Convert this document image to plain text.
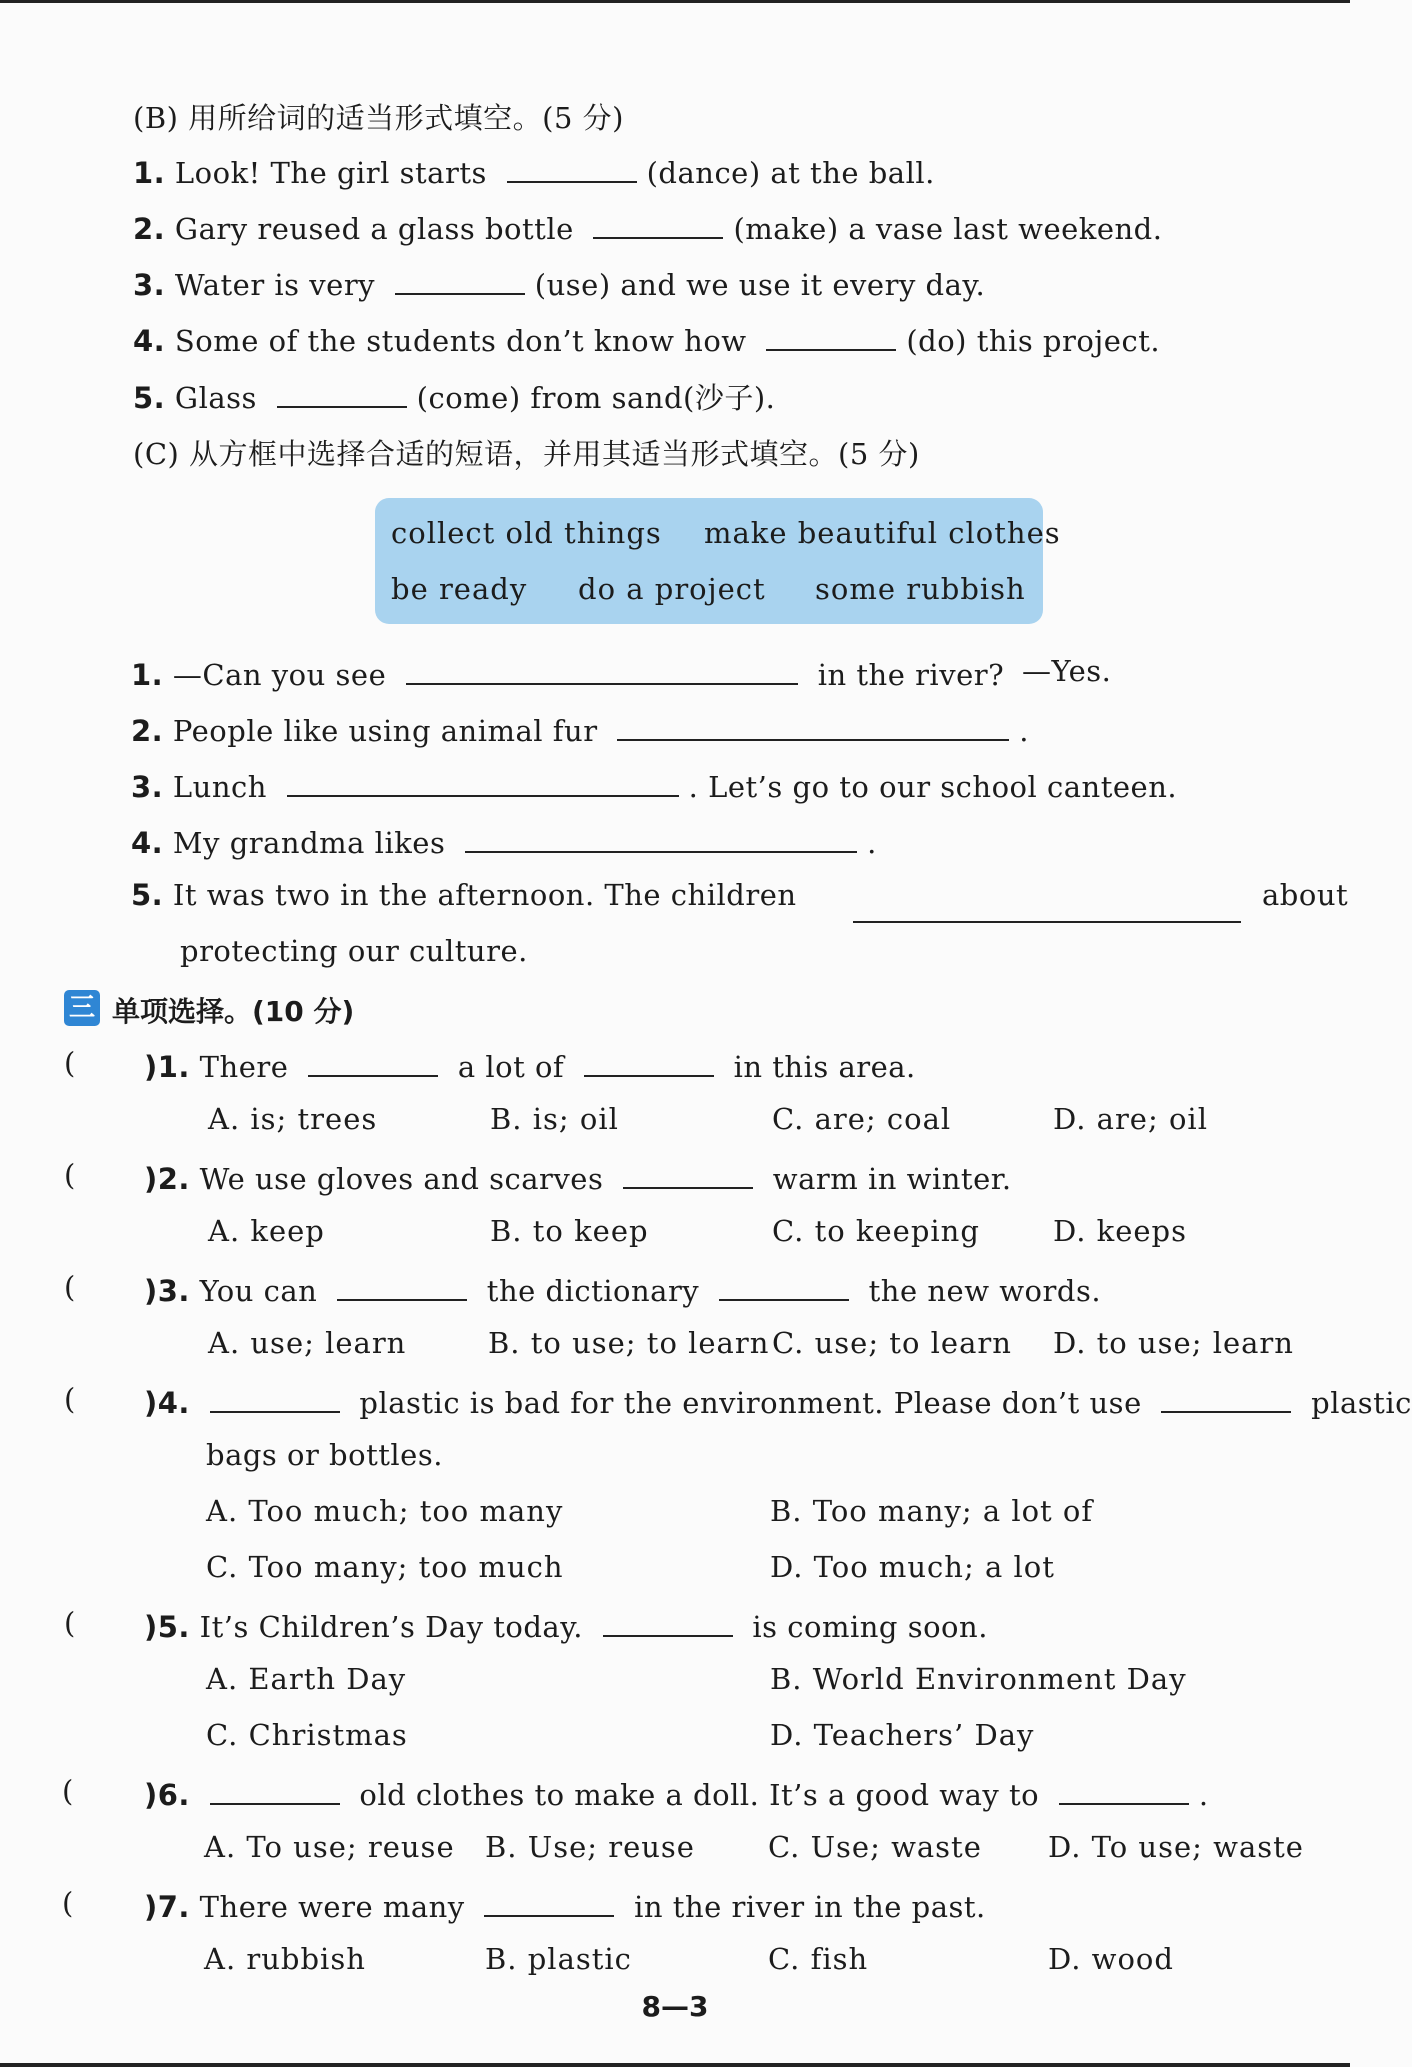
(B) 用所给词的适当形式填空。(5 分)
1. Look! The girl starts	(dance) at the ball.
2. Gary reused a glass bottle	(make) a vase last weekend.
3. Water is very	(use) and we use it every day.
4. Some of the students don’t know how	(do) this project.
5. Glass	(come) from sand(沙子).
(C) 从方框中选择合适的短语，并用其适当形式填空。(5 分)
collect old things make beautiful clothes
be ready do a project some rubbish
1. —Can you see	in the river? —Yes.
2. People like using animal fur	.
3. Lunch	. Let’s go to our school canteen.
4. My grandma likes	.
5. It was two in the afternoon. The children	about
protecting our culture.
三 单项选择。(10 分)
( )1. There	a lot of	in this area.
A. is; trees	B. is; oil	C. are; coal	D. are; oil
( )2. We use gloves and scarves	warm in winter.
A. keep	B. to keep	C. to keeping	D. keeps
( )3. You can	the dictionary	the new words.
A. use; learn	B. to use; to learn C. use; to learn D. to use; learn
( )4.	plastic is bad for the environment. Please don’t use	plastic
bags or bottles.
A. Too much; too many	B. Too many; a lot of
C. Too many; too much	D. Too much; a lot
( )5. It’s Children’s Day today.	is coming soon.
A. Earth Day	B. World Environment Day
C. Christmas	D. Teachers’ Day
( )6.	old clothes to make a doll. It’s a good way to	.
A. To use; reuse B. Use; reuse	C. Use; waste D. To use; waste
( )7. There were many	in the river in the past.
A. rubbish	B. plastic	C. fish	D. wood
8—3
